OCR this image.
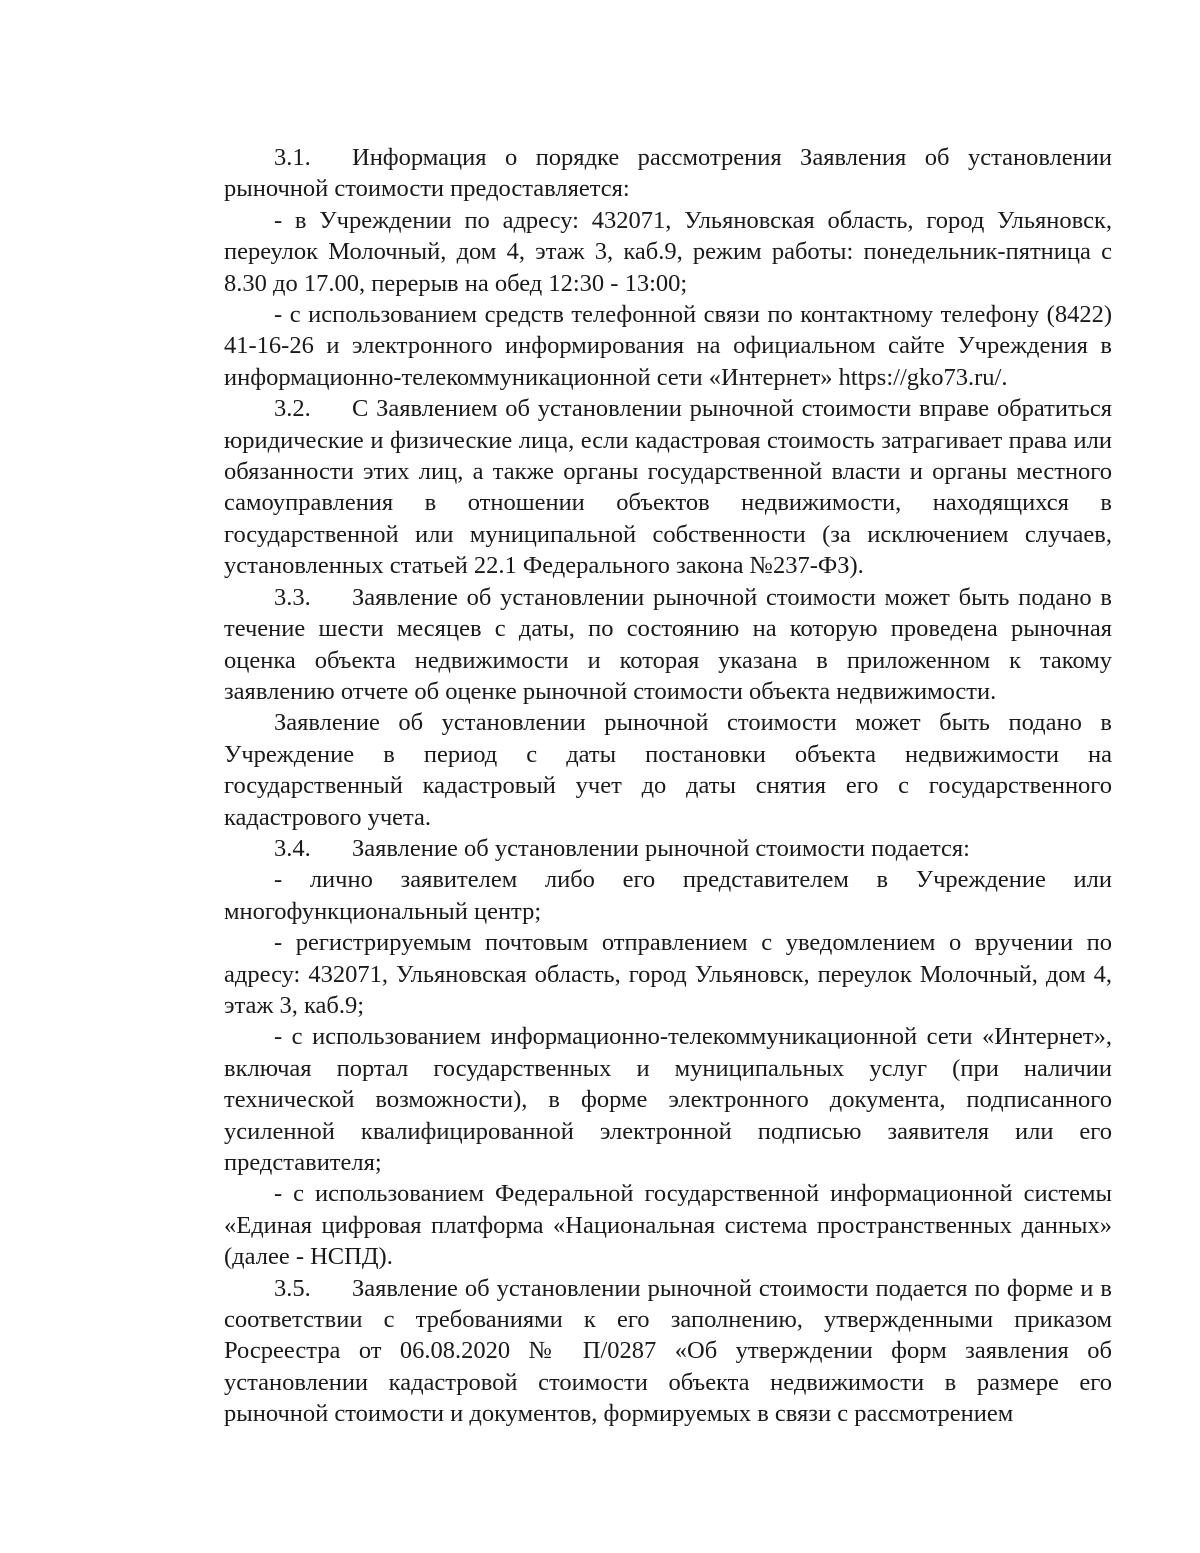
3.1. Информация о порядке рассмотрения Заявления об установлении рыночной стоимости предоставляется:

- в Учреждении по адресу: 432071, Ульяновская область, город Ульяновск, переулок Молочный, дом 4, этаж 3, каб.9, режим работы: понедельник-пятница с 8.30 до 17.00, перерыв на обед 12:30 - 13:00;

- с использованием средств телефонной связи по контактному телефону (8422) 41-16-26 и электронного информирования на официальном сайте Учреждения в информационно-телекоммуникационной сети «Интернет» https://gko73.ru/.

3.2. С Заявлением об установлении рыночной стоимости вправе обратиться юридические и физические лица, если кадастровая стоимость затрагивает права или обязанности этих лиц, а также органы государственной власти и органы местного самоуправления в отношении объектов недвижимости, находящихся в государственной или муниципальной собственности (за исключением случаев, установленных статьей 22.1 Федерального закона №237-ФЗ).

3.3. Заявление об установлении рыночной стоимости может быть подано в течение шести месяцев с даты, по состоянию на которую проведена рыночная оценка объекта недвижимости и которая указана в приложенном к такому заявлению отчете об оценке рыночной стоимости объекта недвижимости.

Заявление об установлении рыночной стоимости может быть подано в Учреждение в период с даты постановки объекта недвижимости на государственный кадастровый учет до даты снятия его с государственного кадастрового учета.

3.4. Заявление об установлении рыночной стоимости подается:

- лично заявителем либо его представителем в Учреждение или многофункциональный центр;

- регистрируемым почтовым отправлением с уведомлением о вручении по адресу: 432071, Ульяновская область, город Ульяновск, переулок Молочный, дом 4, этаж 3, каб.9;

- с использованием информационно-телекоммуникационной сети «Интернет», включая портал государственных и муниципальных услуг (при наличии технической возможности), в форме электронного документа, подписанного усиленной квалифицированной электронной подписью заявителя или его представителя;

- с использованием Федеральной государственной информационной системы «Единая цифровая платформа «Национальная система пространственных данных» (далее - НСПД).

3.5. Заявление об установлении рыночной стоимости подается по форме и в соответствии с требованиями к его заполнению, утвержденными приказом Росреестра от 06.08.2020 № П/0287 «Об утверждении форм заявления об установлении кадастровой стоимости объекта недвижимости в размере его рыночной стоимости и документов, формируемых в связи с рассмотрением
